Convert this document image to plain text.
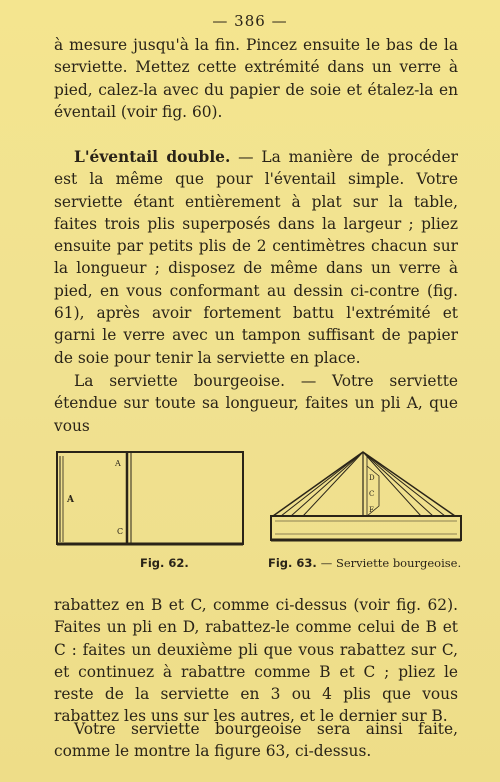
— 386 —

à mesure jusqu'à la fin. Pincez ensuite le bas de la serviette. Mettez cette extrémité dans un verre à pied, calez-la avec du papier de soie et étalez-la en éventail (voir fig. 60).

L'éventail double. — La manière de procéder est la même que pour l'éventail simple. Votre serviette étant entièrement à plat sur la table, faites trois plis superposés dans la largeur ; pliez ensuite par petits plis de 2 centimètres chacun sur la longueur ; disposez de même dans un verre à pied, en vous conformant au dessin ci-contre (fig. 61), après avoir fortement battu l'extrémité et garni le verre avec un tampon suffisant de papier de soie pour tenir la serviette en place.

La serviette bourgeoise. — Votre serviette étendue sur toute sa longueur, faites un pli A, que vous

A
A
C
D
C
F
Fig. 62.	Fig. 63. — Serviette bourgeoise.

rabattez en B et C, comme ci-dessus (voir fig. 62). Faites un pli en D, rabattez-le comme celui de B et C : faites un deuxième pli que vous rabattez sur C, et continuez à rabattre comme B et C ; pliez le reste de la serviette en 3 ou 4 plis que vous rabattez les uns sur les autres, et le dernier sur B.

Votre serviette bourgeoise sera ainsi faite, comme le montre la figure 63, ci-dessus.
